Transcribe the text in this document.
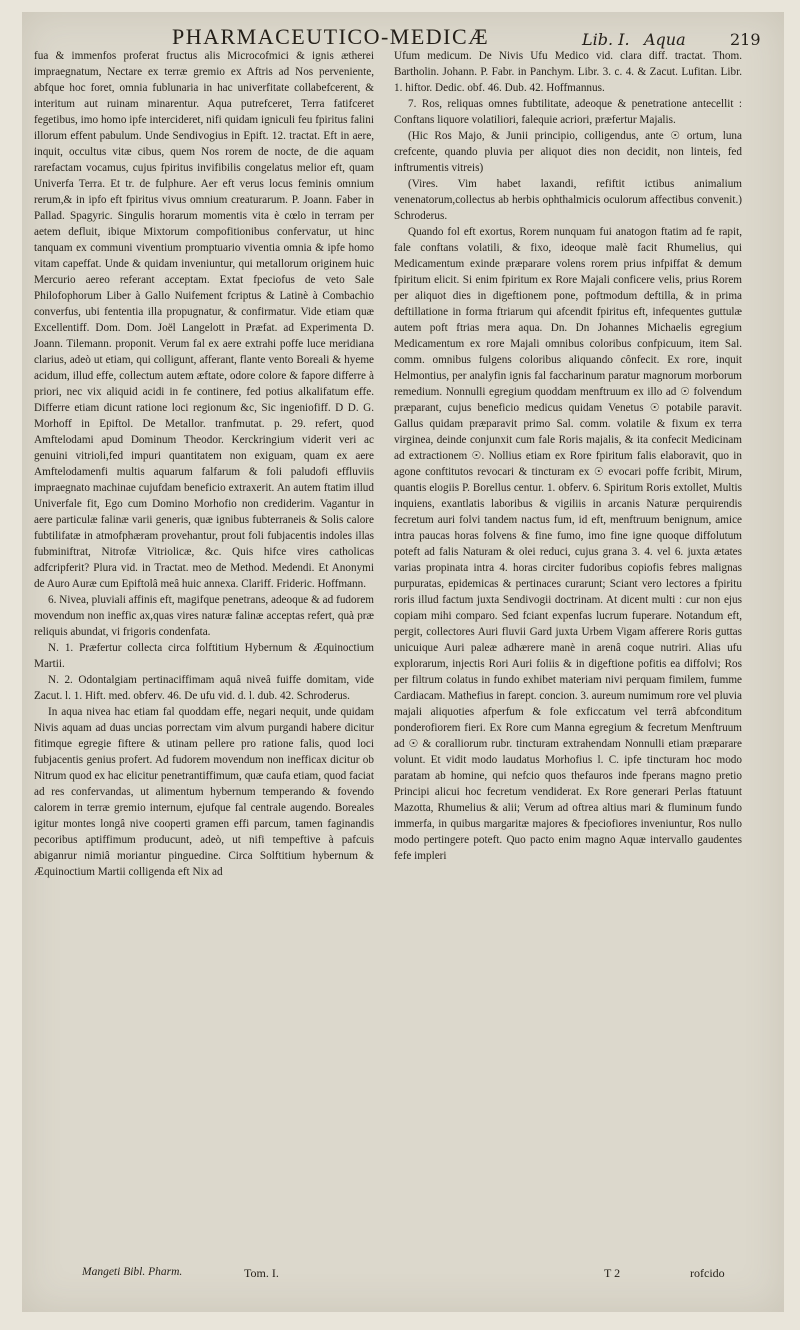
PHARMACEUTICO-MEDICÆ	Lib. I. Aqua	219

fua & immenfos proferat fructus alis Microcofmici & ignis ætherei impraegnatum, Nectare ex terræ gremio ex Aftris ad Nos perveniente, abfque hoc foret, omnia fublunaria in hac univerfitate collabefcerent, & interitum aut ruinam minarentur. Aqua putrefceret, Terra fatifceret fegetibus, imo homo ipfe intercideret, nifi quidam igniculi feu fpiritus falini illorum effent pabulum. Unde Sendivogius in Epift. 12. tractat. Eft in aere, inquit, occultus vitæ cibus, quem Nos rorem de nocte, de die aquam rarefactam vocamus, cujus fpiritus invifibilis congelatus melior eft, quam Univerfa Terra. Et tr. de fulphure. Aer eft verus locus feminis omnium rerum,& in ipfo eft fpiritus vivus omnium creaturarum. P. Joann. Faber in Pallad. Spagyric. Singulis horarum momentis vita è cœlo in terram per aetem defluit, ibique Mixtorum compofitionibus confervatur, ut hinc tanquam ex communi viventium promptuario viventia omnia & ipfe homo vitam capeffat. Unde & quidam inveniuntur, qui metallorum originem huic Mercurio aereo referant acceptam. Extat fpeciofus de veto Sale Philofophorum Liber à Gallo Nuifement fcriptus & Latinè à Combachio converfus, ubi fententia illa propugnatur, & confirmatur. Vide etiam quæ Excellentiff. Dom. Dom. Joël Langelott in Præfat. ad Experimenta D. Joann. Tilemann. proponit. Verum fal ex aere extrahi poffe luce meridiana clarius, adeò ut etiam, qui colligunt, afferant, flante vento Boreali & hyeme acidum, illud effe, collectum autem æftate, odore colore & fapore differre à priori, nec vix aliquid acidi in fe continere, fed potius alkalifatum effe. Differre etiam dicunt ratione loci regionum &c, Sic ingeniofiff. D D. G. Morhoff in Epiftol. De Metallor. tranfmutat. p. 29. refert, quod Amftelodami apud Dominum Theodor. Kerckringium viderit veri ac genuini vitrioli,fed impuri quantitatem non exiguam, quam ex aere Amftelodamenfi multis aquarum falfarum & foli paludofi effluviis impraegnato machinae cujufdam beneficio extraxerit. An autem ftatim illud Univerfale fit, Ego cum Domino Morhofio non crediderim. Vagantur in aere particulæ falinæ varii generis, quæ ignibus fubterraneis & Solis calore fubtilifatæ in atmofphæram provehantur, prout foli fubjacentis indoles illas fubminiftrat, Nitrofæ Vitriolicæ, &c. Quis hifce vires catholicas adfcripferit? Plura vid. in Tractat. meo de Method. Medendi. Et Anonymi de Auro Auræ cum Epiftolâ meâ huic annexa. Clariff. Frideric. Hoffmann.

6. Nivea, pluviali affinis eft, magifque penetrans, adeoque & ad fudorem movendum non ineffic ax,quas vires naturæ falinæ acceptas refert, quà præ reliquis abundat, vi frigoris condenfata.

N. 1. Præfertur collecta circa folftitium Hybernum & Æquinoctium Martii.

N. 2. Odontalgiam pertinaciffimam aquâ niveâ fuiffe domitam, vide Zacut. l. 1. Hift. med. obferv. 46. De ufu vid. d. l. dub. 42. Schroderus.

In aqua nivea hac etiam fal quoddam effe, negari nequit, unde quidam Nivis aquam ad duas uncias porrectam vim alvum purgandi habere dicitur fitimque egregie fiftere & utinam pellere pro ratione falis, quod loci fubjacentis genius profert. Ad fudorem movendum non inefficax dicitur ob Nitrum quod ex hac elicitur penetrantiffimum, quæ caufa etiam, quod faciat ad res confervandas, ut alimentum hybernum temperando & fovendo calorem in terræ gremio internum, ejufque fal centrale augendo. Boreales igitur montes longâ nive cooperti gramen effi parcum, tamen faginandis pecoribus aptiffimum producunt, adeò, ut nifi tempeftive à pafcuis abiganrur nimiâ moriantur pinguedine. Circa Solftitium hybernum & Æquinoctium Martii colligenda eft Nix ad

Ufum medicum. De Nivis Ufu Medico vid. clara diff. tractat. Thom. Bartholin. Johann. P. Fabr. in Panchym. Libr. 3. c. 4. & Zacut. Lufitan. Libr. 1. hiftor. Dedic. obf. 46. Dub. 42. Hoffmannus.

7. Ros, reliquas omnes fubtilitate, adeoque & penetratione antecellit : Conftans liquore volatiliori, falequie acriori, præfertur Majalis.

(Hic Ros Majo, & Junii principio, colligendus, ante ☉ ortum, luna crefcente, quando pluvia per aliquot dies non decidit, non linteis, fed inftrumentis vitreis)

(Vires. Vim habet laxandi, refiftit ictibus animalium venenatorum,collectus ab herbis ophthalmicis oculorum affectibus convenit.) Schroderus.

Quando fol eft exortus, Rorem nunquam fui anatogon ftatim ad fe rapit, fale conftans volatili, & fixo, ideoque malè facit Rhumelius, qui Medicamentum exinde præparare volens rorem prius infpiffat & demum fpiritum elicit. Si enim fpiritum ex Rore Majali conficere velis, prius Rorem per aliquot dies in digeftionem pone, poftmodum deftilla, & in prima deftillatione in forma ftriarum qui afcendit fpiritus eft, infequentes guttulæ autem poft ftrias mera aqua. Dn. Dn Johannes Michaelis egregium Medicamentum ex rore Majali omnibus coloribus confpicuum, item Sal. comm. omnibus fulgens coloribus aliquando cônfecit. Ex rore, inquit Helmontius, per analyfin ignis fal faccharinum paratur magnorum morborum remedium. Nonnulli egregium quoddam menftruum ex illo ad ☉ folvendum præparant, cujus beneficio medicus quidam Venetus ☉ potabile paravit. Gallus quidam præparavit primo Sal. comm. volatile & fixum ex terra virginea, deinde conjunxit cum fale Roris majalis, & ita confecit Medicinam ad extractionem ☉. Nollius etiam ex Rore fpiritum falis elaboravit, quo in agone conftitutos revocari & tincturam ex ☉ evocari poffe fcribit, Mirum, quantis elogiis P. Borellus centur. 1. obferv. 6. Spiritum Roris extollet, Multis inquiens, exantlatis laboribus & vigiliis in arcanis Naturæ perquirendis fecretum auri folvi tandem nactus fum, id eft, menftruum benignum, amice intra paucas horas folvens & fine fumo, imo fine igne quoque diffolutum poteft ad falis Naturam & olei reduci, cujus grana 3. 4. vel 6. juxta ætates varias propinata intra 4. horas circiter fudoribus copiofis febres malignas purpuratas, epidemicas & pertinaces curarunt; Sciant vero lectores a fpiritu roris illud factum juxta Sendivogii doctrinam. At dicent multi : cur non ejus copiam mihi comparo. Sed fciant expenfas lucrum fuperare. Notandum eft, pergit, collectores Auri fluvii Gard juxta Urbem Vigam afferere Roris guttas unicuique Auri paleæ adhærere manè in arenâ coque nutriri. Alias ufu explorarum, injectis Rori Auri foliis & in digeftione pofitis ea diffolvi; Ros per filtrum colatus in fundo exhibet materiam nivi perquam fimilem, fumme Cardiacam. Mathefius in farept. concion. 3. aureum numimum rore vel pluvia majali aliquoties afperfum & fole exficcatum vel terrâ abfconditum ponderofiorem fieri. Ex Rore cum Manna egregium & fecretum Menftruum ad ☉ & coralliorum rubr. tincturam extrahendam Nonnulli etiam præparare volunt. Et vidit modo laudatus Morhofius l. C. ipfe tincturam hoc modo paratam ab homine, qui nefcio quos thefauros inde fperans magno pretio Principi alicui hoc fecretum vendiderat. Ex Rore generari Perlas ftatuunt Mazotta, Rhumelius & alii; Verum ad oftrea altius mari & fluminum fundo immerfa, in quibus margaritæ majores & fpeciofiores inveniuntur, Ros nullo modo pertingere poteft. Quo pacto enim magno Aquæ intervallo gaudentes fefe impleri

Mangeti Bibl. Pharm.	Tom. I.	T 2	rofcido
